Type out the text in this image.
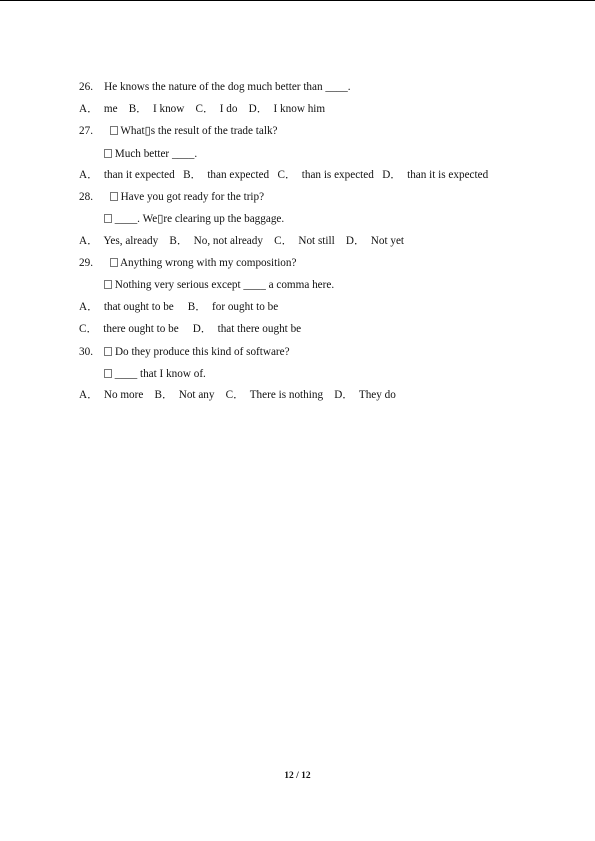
26.    He knows the nature of the dog much better than ____.
A．  me    B．  I know    C．  I do    D．  I know him
27. What▯s the result of the trade talk?
Much better ____.
A．  than it expected   B．  than expected   C．  than is expected   D．  than it is expected
28. Have you got ready for the trip?
____. We▯re clearing up the baggage.
A．  Yes, already    B．  No, not already    C．  Not still    D．  Not yet
29. Anything wrong with my composition?
Nothing very serious except ____ a comma here.
A．  that ought to be     B．  for ought to be
C．  there ought to be     D．  that there ought be
30. Do they produce this kind of software?
____ that I know of.
A．  No more    B．  Not any    C．  There is nothing    D．  They do
12 / 12
